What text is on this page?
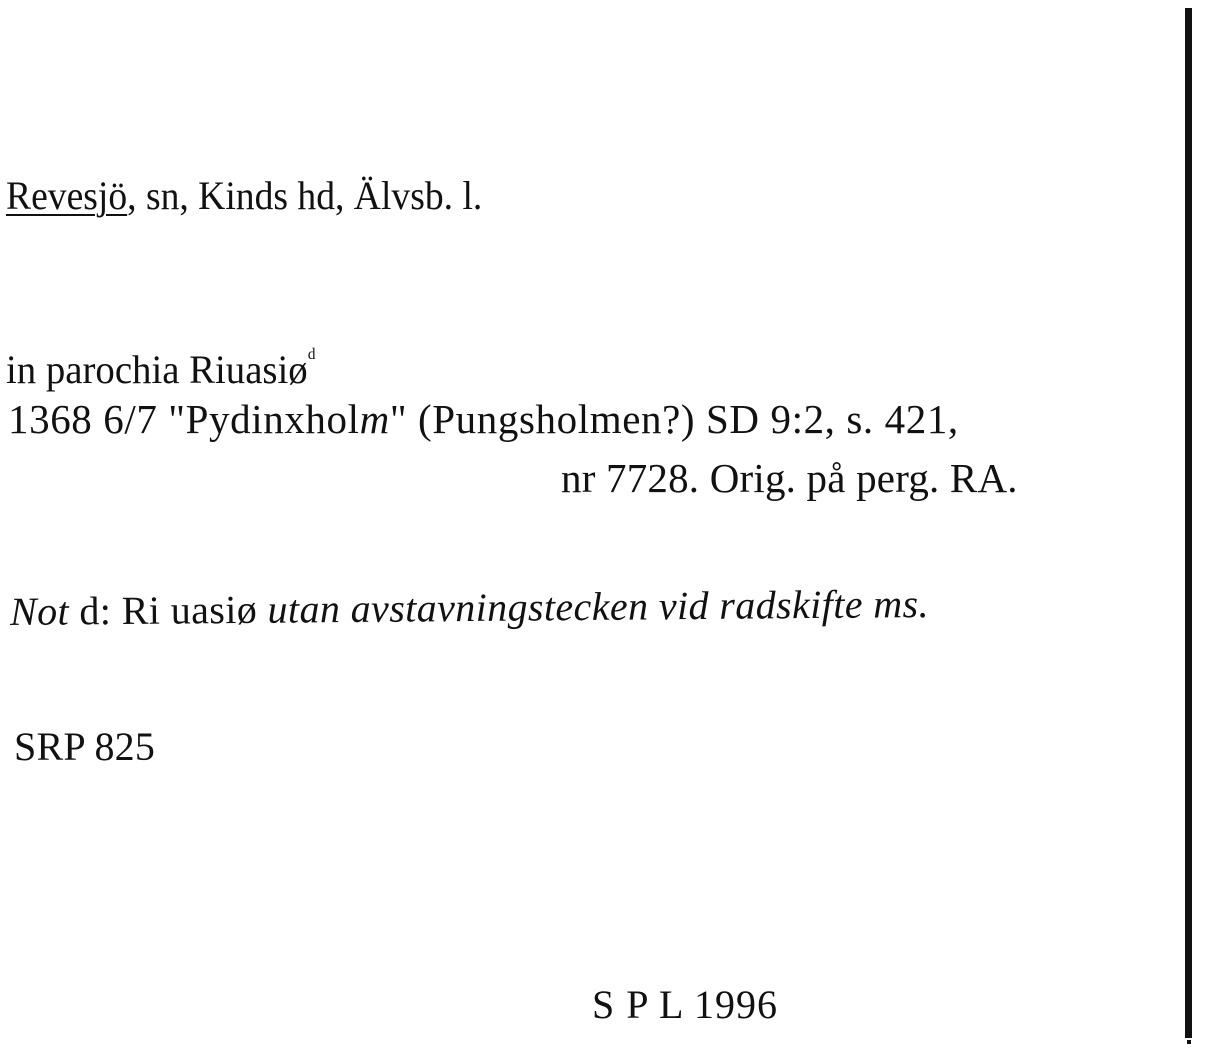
Revesjö, sn, Kinds hd, Älvsb. l.
in parochia Riuasiø$^d$
1368 6/7 "Pydinxholm" (Pungsholmen?) SD 9:2, s. 421,
nr 7728. Orig. på perg. RA.
Not d: Ri uasiø utan avstavningstecken vid radskifte ms.
SRP 825
S P L 1996
